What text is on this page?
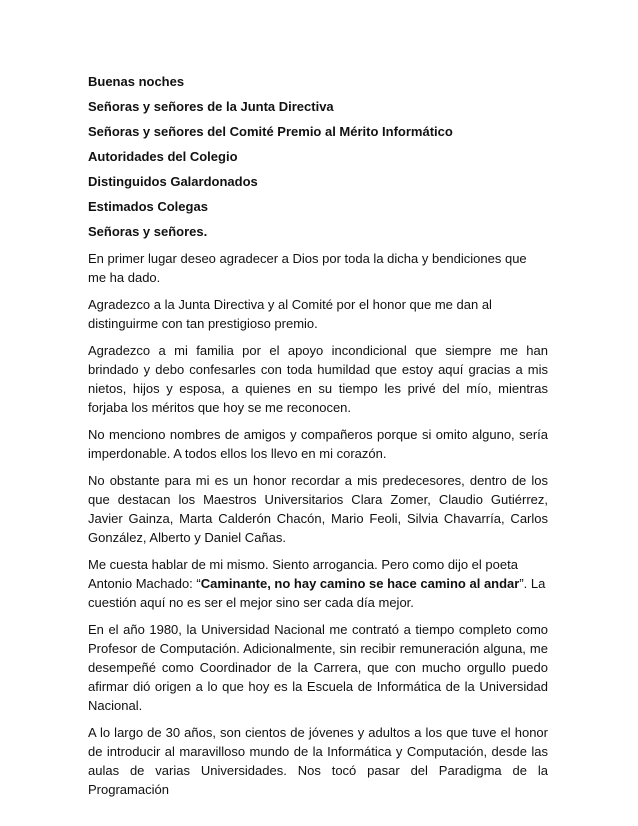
Buenas noches

Señoras y señores de la Junta Directiva

Señoras y señores del Comité Premio al Mérito Informático

Autoridades del Colegio

Distinguidos Galardonados

Estimados Colegas

Señoras y señores.

En primer lugar deseo agradecer a Dios por toda la dicha y bendiciones que me ha dado.

Agradezco a la Junta Directiva y al Comité por el honor que me dan al distinguirme con tan prestigioso premio.

Agradezco a mi familia por el apoyo incondicional que siempre me han brindado y debo confesarles con toda humildad que estoy aquí gracias a mis nietos, hijos y esposa, a quienes en su tiempo les privé del mío, mientras forjaba los méritos que hoy se me reconocen.

No menciono nombres de amigos y compañeros porque si omito alguno, sería imperdonable. A todos ellos los llevo en mi corazón.

No obstante para mi es un honor recordar a mis predecesores, dentro de los que destacan los Maestros Universitarios Clara Zomer, Claudio Gutiérrez, Javier Gainza, Marta Calderón Chacón, Mario Feoli, Silvia Chavarría, Carlos González, Alberto y Daniel Cañas.

Me cuesta hablar de mi mismo. Siento arrogancia. Pero como dijo el poeta Antonio Machado: “Caminante, no hay camino se hace camino al andar”. La cuestión aquí no es ser el mejor sino ser cada día mejor.

En el año 1980, la Universidad Nacional me contrató a tiempo completo como Profesor de Computación. Adicionalmente, sin recibir remuneración alguna, me desempeñé como Coordinador de la Carrera, que con mucho orgullo puedo afirmar dió origen a lo que hoy es la Escuela de Informática de la Universidad Nacional.

A lo largo de 30 años, son cientos de jóvenes y adultos a los que tuve el honor de introducir al maravilloso mundo de la Informática y Computación, desde las aulas de varias Universidades. Nos tocó pasar del Paradigma de la Programación
